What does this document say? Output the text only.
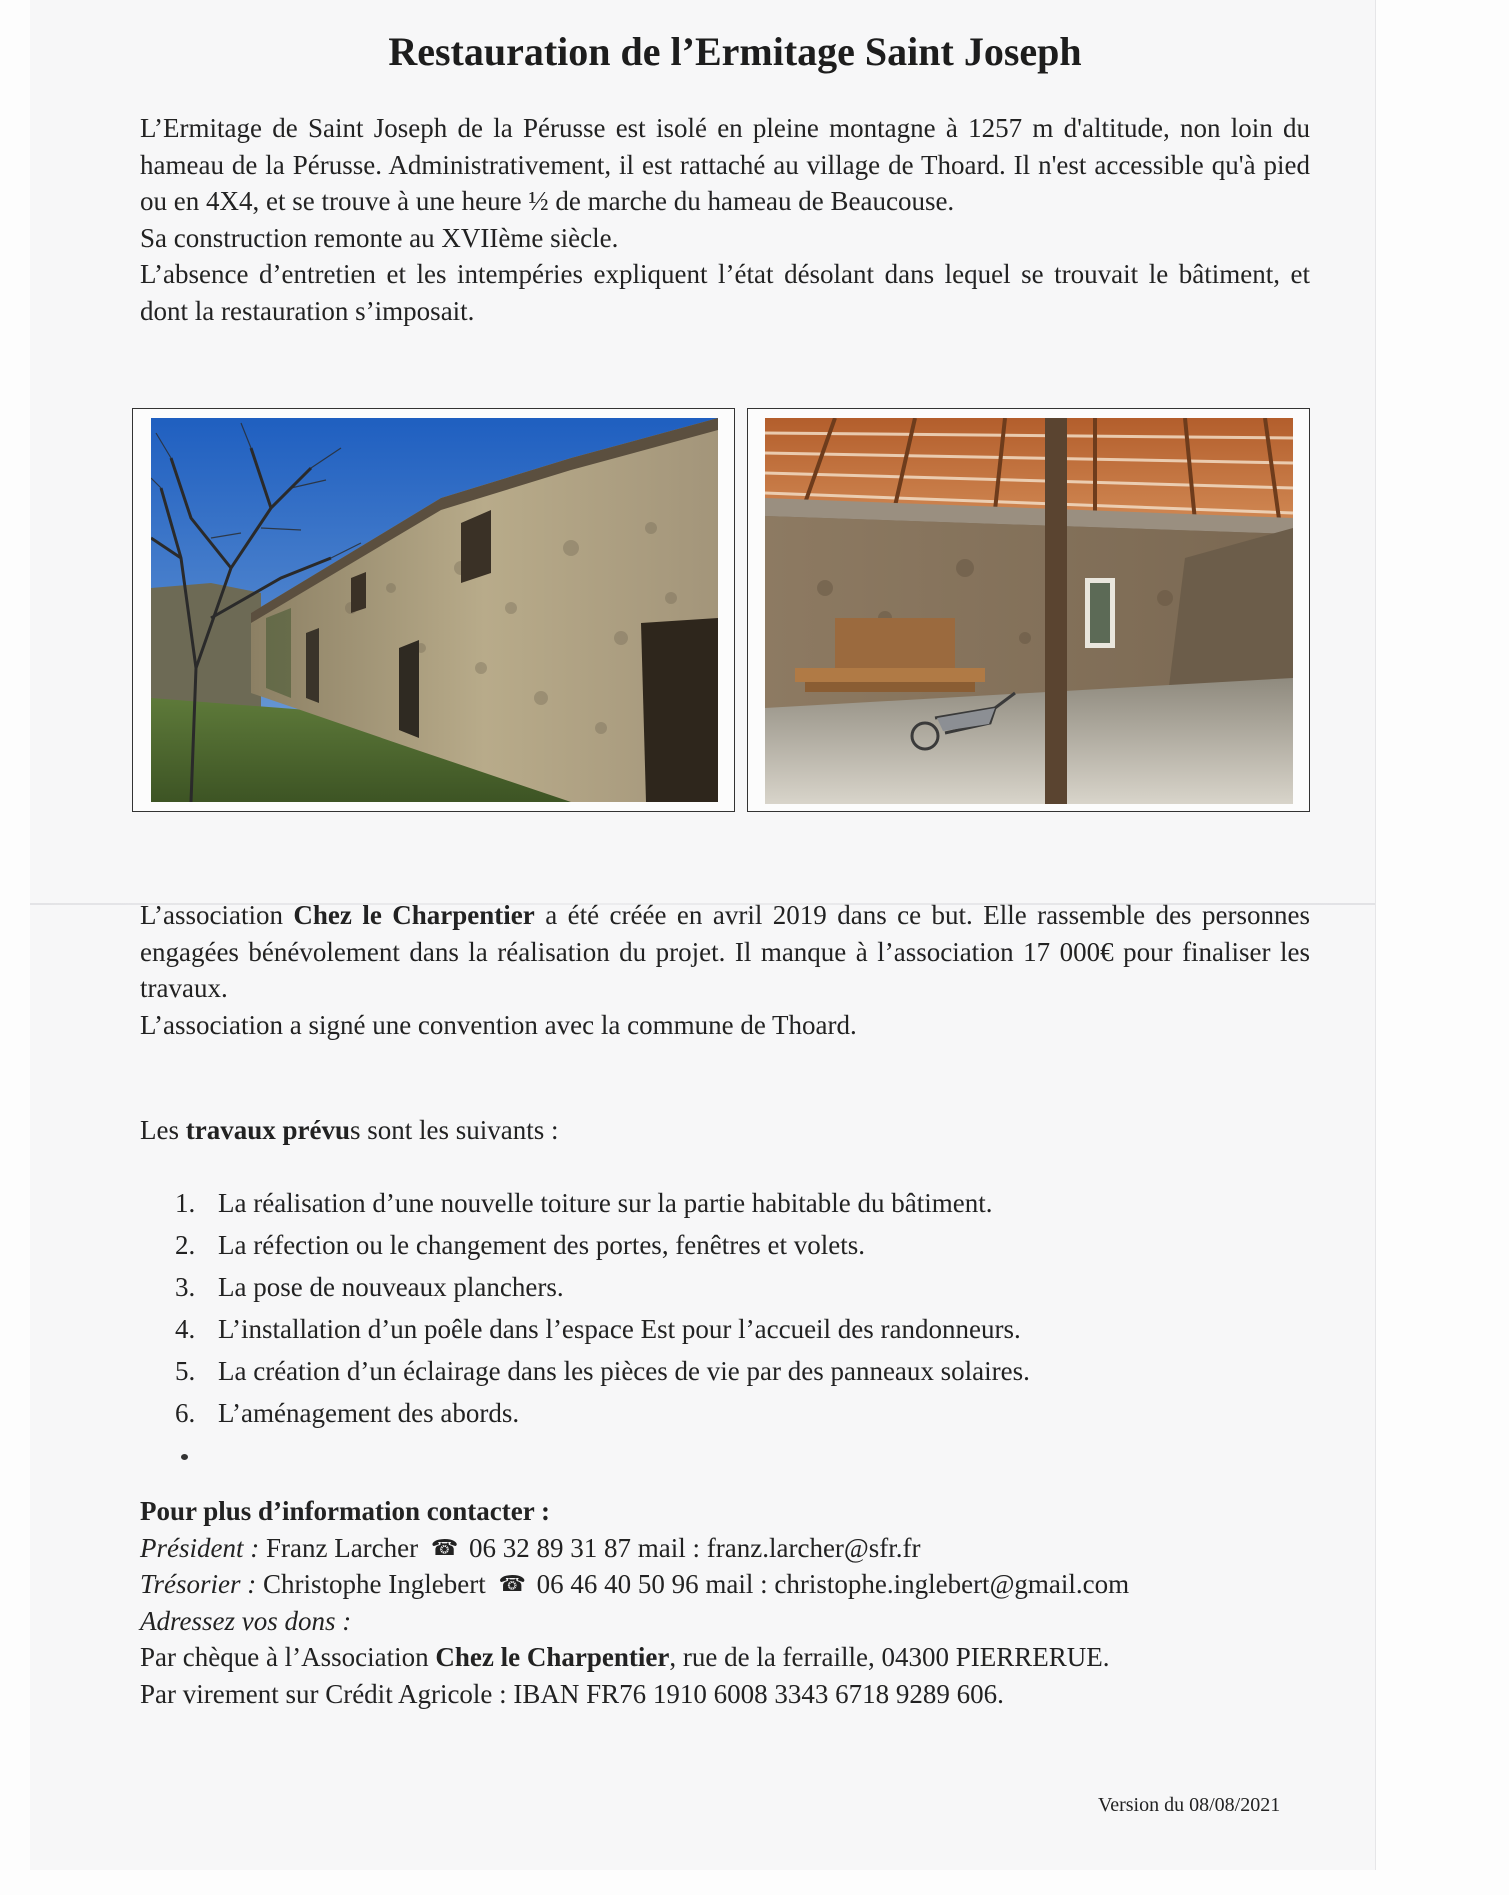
Restauration de l’Ermitage Saint Joseph

L’Ermitage de Saint Joseph de la Pérusse est isolé en pleine montagne à 1257 m d'altitude, non loin du hameau de la Pérusse. Administrativement, il est rattaché au village de Thoard. Il n'est accessible qu'à pied ou en 4X4, et se trouve à une heure ½ de marche du hameau de Beaucouse.

Sa construction remonte au XVIIème siècle.

L’absence d’entretien et les intempéries expliquent l’état désolant dans lequel se trouvait le bâtiment, et dont la restauration s’imposait.

L’association Chez le Charpentier a été créée en avril 2019 dans ce but. Elle rassemble des personnes engagées bénévolement dans la réalisation du projet. Il manque à l’association 17 000€ pour finaliser les travaux.

L’association a signé une convention avec la commune de Thoard.

Les travaux prévus sont les suivants :

1. La réalisation d’une nouvelle toiture sur la partie habitable du bâtiment.
2. La réfection ou le changement des portes, fenêtres et volets.
3. La pose de nouveaux planchers.
4. L’installation d’un poêle dans l’espace Est pour l’accueil des randonneurs.
5. La création d’un éclairage dans les pièces de vie par des panneaux solaires.
6. L’aménagement des abords.

Pour plus d’information contacter :

Président : Franz Larcher ☎ 06 32 89 31 87 mail : franz.larcher@sfr.fr

Trésorier : Christophe Inglebert ☎ 06 46 40 50 96 mail : christophe.inglebert@gmail.com

Adressez vos dons :

Par chèque à l’Association Chez le Charpentier, rue de la ferraille, 04300 PIERRERUE.

Par virement sur Crédit Agricole : IBAN FR76 1910 6008 3343 6718 9289 606.

Version du 08/08/2021
